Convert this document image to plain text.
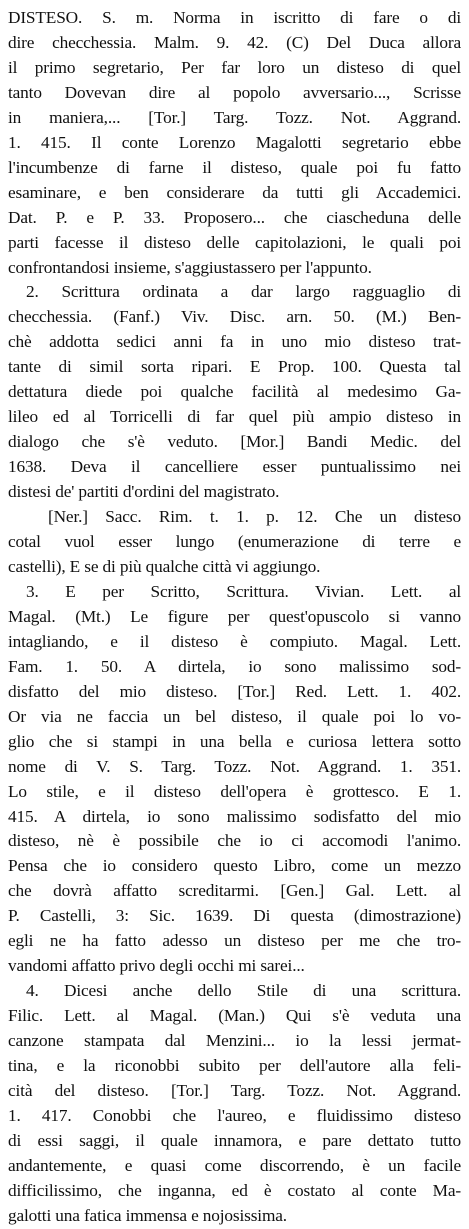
DISTESO. S. m. Norma in iscritto di fare o di
dire checchessia. Malm. 9. 42. (C) Del Duca allora
il primo segretario, Per far loro un disteso di quel
tanto Dovevan dire al popolo avversario..., Scrisse
in maniera,... [Tor.] Targ. Tozz. Not. Aggrand.
1. 415. Il conte Lorenzo Magalotti segretario ebbe
l'incumbenze di farne il disteso, quale poi fu fatto
esaminare, e ben considerare da tutti gli Accademici.
Dat. P. e P. 33. Proposero... che ciascheduna delle
parti facesse il disteso delle capitolazioni, le quali poi
confrontandosi insieme, s'aggiustassero per l'appunto.
2. Scrittura ordinata a dar largo ragguaglio di
checchessia. (Fanf.) Viv. Disc. arn. 50. (M.) Ben-
chè addotta sedici anni fa in uno mio disteso trat-
tante di simil sorta ripari. E Prop. 100. Questa tal
dettatura diede poi qualche facilità al medesimo Ga-
lileo ed al Torricelli di far quel più ampio disteso in
dialogo che s'è veduto. [Mor.] Bandi Medic. del
1638. Deva il cancelliere esser puntualissimo nei
distesi de' partiti d'ordini del magistrato.
[Ner.] Sacc. Rim. t. 1. p. 12. Che un disteso
cotal vuol esser lungo (enumerazione di terre e
castelli), E se di più qualche città vi aggiungo.
3. E per Scritto, Scrittura. Vivian. Lett. al
Magal. (Mt.) Le figure per quest'opuscolo si vanno
intagliando, e il disteso è compiuto. Magal. Lett.
Fam. 1. 50. A dirtela, io sono malissimo sod-
disfatto del mio disteso. [Tor.] Red. Lett. 1. 402.
Or via ne faccia un bel disteso, il quale poi lo vo-
glio che si stampi in una bella e curiosa lettera sotto
nome di V. S. Targ. Tozz. Not. Aggrand. 1. 351.
Lo stile, e il disteso dell'opera è grottesco. E 1.
415. A dirtela, io sono malissimo sodisfatto del mio
disteso, nè è possibile che io ci accomodi l'animo.
Pensa che io considero questo Libro, come un mezzo
che dovrà affatto screditarmi. [Gen.] Gal. Lett. al
P. Castelli, 3: Sic. 1639. Di questa (dimostrazione)
egli ne ha fatto adesso un disteso per me che tro-
vandomi affatto privo degli occhi mi sarei...
4. Dicesi anche dello Stile di una scrittura.
Filic. Lett. al Magal. (Man.) Qui s'è veduta una
canzone stampata dal Menzini... io la lessi jermat-
tina, e la riconobbi subito per dell'autore alla feli-
cità del disteso. [Tor.] Targ. Tozz. Not. Aggrand.
1. 417. Conobbi che l'aureo, e fluidissimo disteso
di essi saggi, il quale innamora, e pare dettato tutto
andantemente, e quasi come discorrendo, è un facile
difficilissimo, che inganna, ed è costato al conte Ma-
galotti una fatica immensa e nojosissima.
